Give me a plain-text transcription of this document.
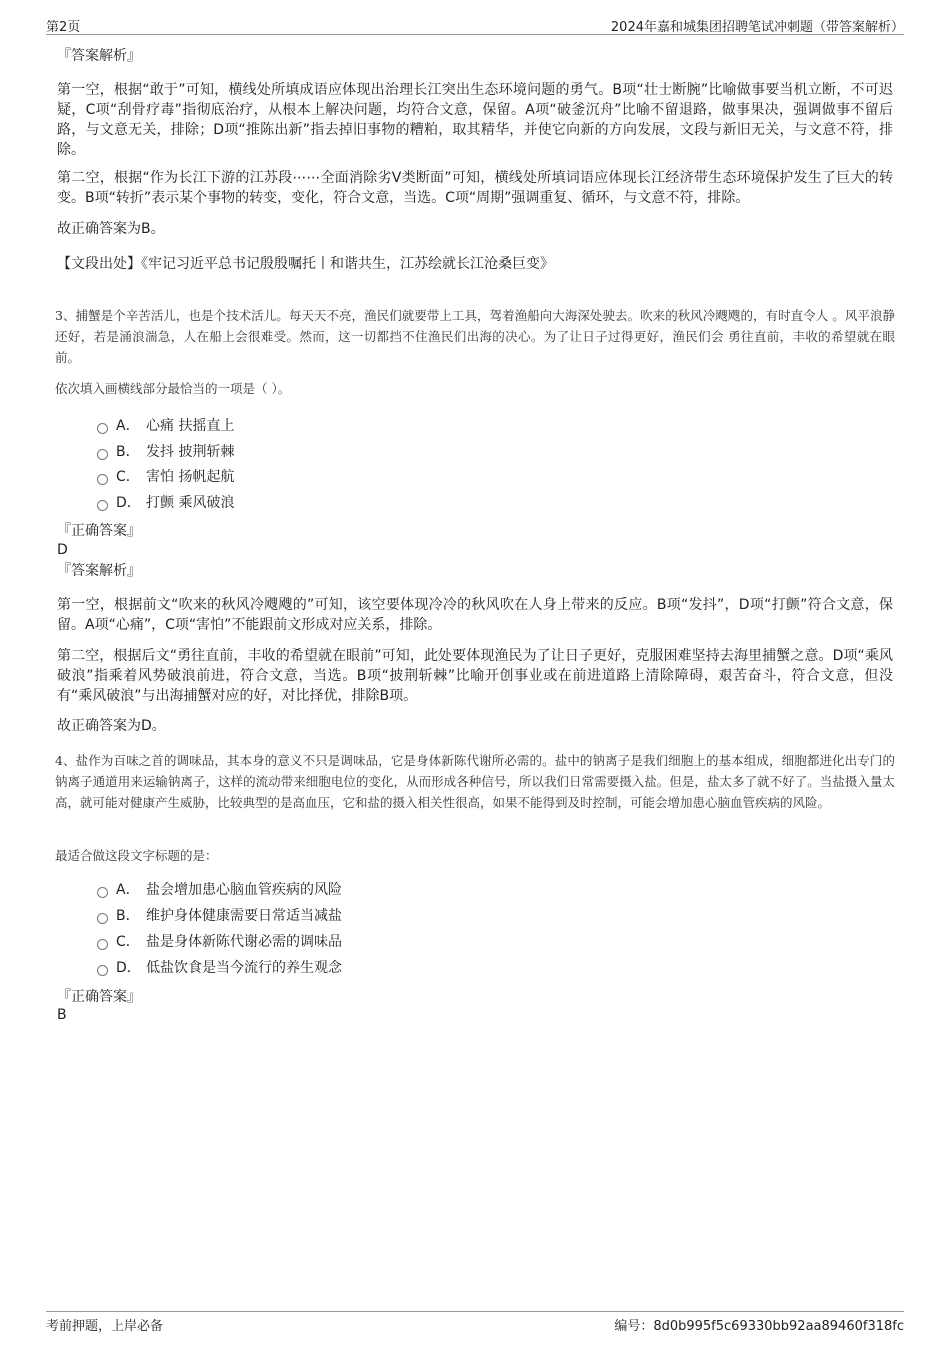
第2页	2024年嘉和城集团招聘笔试冲刺题（带答案解析）
『答案解析』

第一空，根据“敢于”可知，横线处所填成语应体现出治理长江突出生态环境问题的勇气。B项“壮士断腕”比喻做事要当机立断，不可迟疑，C项“刮骨疗毒”指彻底治疗，从根本上解决问题，均符合文意，保留。A项“破釜沉舟”比喻不留退路，做事果决，强调做事不留后路，与文意无关，排除；D项“推陈出新”指去掉旧事物的糟粕，取其精华，并使它向新的方向发展，文段与新旧无关，与文意不符，排除。

第二空，根据“作为长江下游的江苏段⋯⋯全面消除劣V类断面”可知，横线处所填词语应体现长江经济带生态环境保护发生了巨大的转变。B项“转折”表示某个事物的转变，变化，符合文意，当选。C项“周期”强调重复、循环，与文意不符，排除。

故正确答案为B。
【文段出处】《牢记习近平总书记殷殷嘱托丨和谐共生，江苏绘就长江沧桑巨变》

3、捕蟹是个辛苦活儿，也是个技术活儿。每天天不亮，渔民们就要带上工具，驾着渔船向大海深处驶去。吹来的秋风冷飕飕的，有时直令人 。风平浪静还好，若是涌浪湍急，人在船上会很难受。然而，这一切都挡不住渔民们出海的决心。为了让日子过得更好，渔民们会 勇往直前，丰收的希望就在眼前。

依次填入画横线部分最恰当的一项是（ ）。
A． 心痛 扶摇直上
B． 发抖 披荆斩棘
C． 害怕 扬帆起航
D． 打颤 乘风破浪
『正确答案』
D
『答案解析』

第一空，根据前文“吹来的秋风冷飕飕的”可知，该空要体现冷冷的秋风吹在人身上带来的反应。B项“发抖”，D项“打颤”符合文意，保留。A项“心痛”，C项“害怕”不能跟前文形成对应关系，排除。

第二空，根据后文“勇往直前，丰收的希望就在眼前”可知，此处要体现渔民为了让日子更好，克服困难坚持去海里捕蟹之意。D项“乘风破浪”指乘着风势破浪前进，符合文意，当选。B项“披荆斩棘”比喻开创事业或在前进道路上清除障碍，艰苦奋斗，符合文意，但没有“乘风破浪”与出海捕蟹对应的好，对比择优，排除B项。

故正确答案为D。

4、盐作为百味之首的调味品，其本身的意义不只是调味品，它是身体新陈代谢所必需的。盐中的钠离子是我们细胞上的基本组成，细胞都进化出专门的钠离子通道用来运输钠离子，这样的流动带来细胞电位的变化，从而形成各种信号，所以我们日常需要摄入盐。但是，盐太多了就不好了。当盐摄入量太高，就可能对健康产生威胁，比较典型的是高血压，它和盐的摄入相关性很高，如果不能得到及时控制，可能会增加患心脑血管疾病的风险。

最适合做这段文字标题的是：
A． 盐会增加患心脑血管疾病的风险
B． 维护身体健康需要日常适当减盐
C． 盐是身体新陈代谢必需的调味品
D． 低盐饮食是当今流行的养生观念
『正确答案』
B
考前押题，上岸必备	编号：8d0b995f5c69330bb92aa89460f318fc
